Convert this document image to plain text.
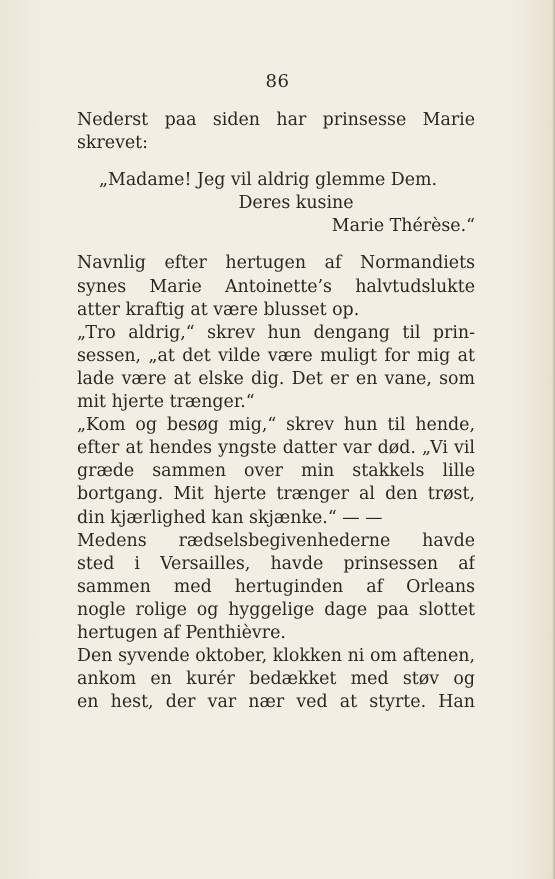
86
Nederst paa siden har prinsesse Marie
skrevet:
„Madame! Jeg vil aldrig glemme Dem.
Deres kusine
Marie Thérèse.“
Navnlig efter hertugen af Normandiets
synes Marie Antoinette’s halvtudslukte
atter kraftig at være blusset op.
„Tro aldrig,“ skrev hun dengang til prin-
sessen, „at det vilde være muligt for mig at
lade være at elske dig. Det er en vane, som
mit hjerte trænger.“
„Kom og besøg mig,“ skrev hun til hende,
efter at hendes yngste datter var død. „Vi vil
græde sammen over min stakkels lille
bortgang. Mit hjerte trænger al den trøst,
din kjærlighed kan skjænke.“ — —
Medens rædselsbegivenhederne havde
sted i Versailles, havde prinsessen af
sammen med hertuginden af Orleans
nogle rolige og hyggelige dage paa slottet
hertugen af Penthièvre.
Den syvende oktober, klokken ni om aftenen,
ankom en kurér bedækket med støv og
en hest, der var nær ved at styrte. Han
